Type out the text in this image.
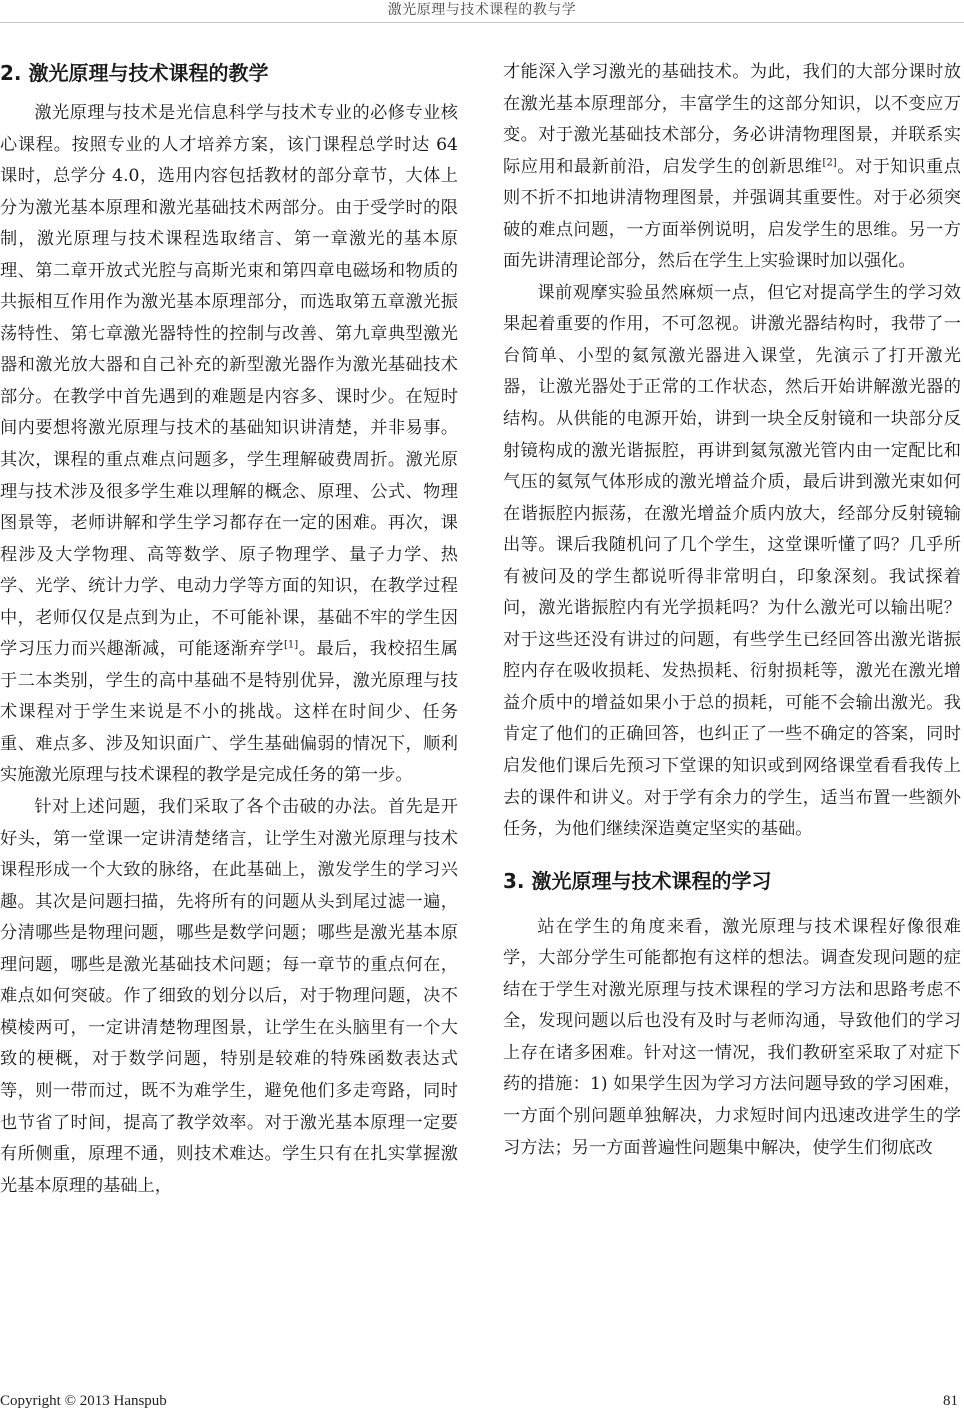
激光原理与技术课程的教与学
2. 激光原理与技术课程的教学

激光原理与技术是光信息科学与技术专业的必修专业核心课程。按照专业的人才培养方案，该门课程总学时达 64 课时，总学分 4.0，选用内容包括教材的部分章节，大体上分为激光基本原理和激光基础技术两部分。由于受学时的限制，激光原理与技术课程选取绪言、第一章激光的基本原理、第二章开放式光腔与高斯光束和第四章电磁场和物质的共振相互作用作为激光基本原理部分，而选取第五章激光振荡特性、第七章激光器特性的控制与改善、第九章典型激光器和激光放大器和自己补充的新型激光器作为激光基础技术部分。在教学中首先遇到的难题是内容多、课时少。在短时间内要想将激光原理与技术的基础知识讲清楚，并非易事。其次，课程的重点难点问题多，学生理解破费周折。激光原理与技术涉及很多学生难以理解的概念、原理、公式、物理图景等，老师讲解和学生学习都存在一定的困难。再次，课程涉及大学物理、高等数学、原子物理学、量子力学、热学、光学、统计力学、电动力学等方面的知识，在教学过程中，老师仅仅是点到为止，不可能补课，基础不牢的学生因学习压力而兴趣渐减，可能逐渐弃学[1]。最后，我校招生属于二本类别，学生的高中基础不是特别优异，激光原理与技术课程对于学生来说是不小的挑战。这样在时间少、任务重、难点多、涉及知识面广、学生基础偏弱的情况下，顺利实施激光原理与技术课程的教学是完成任务的第一步。

针对上述问题，我们采取了各个击破的办法。首先是开好头，第一堂课一定讲清楚绪言，让学生对激光原理与技术课程形成一个大致的脉络，在此基础上，激发学生的学习兴趣。其次是问题扫描，先将所有的问题从头到尾过滤一遍，分清哪些是物理问题，哪些是数学问题；哪些是激光基本原理问题，哪些是激光基础技术问题；每一章节的重点何在，难点如何突破。作了细致的划分以后，对于物理问题，决不模棱两可，一定讲清楚物理图景，让学生在头脑里有一个大致的梗概，对于数学问题，特别是较难的特殊函数表达式等，则一带而过，既不为难学生，避免他们多走弯路，同时也节省了时间，提高了教学效率。对于激光基本原理一定要有所侧重，原理不通，则技术难达。学生只有在扎实掌握激光基本原理的基础上，

才能深入学习激光的基础技术。为此，我们的大部分课时放在激光基本原理部分，丰富学生的这部分知识，以不变应万变。对于激光基础技术部分，务必讲清物理图景，并联系实际应用和最新前沿，启发学生的创新思维[2]。对于知识重点则不折不扣地讲清物理图景，并强调其重要性。对于必须突破的难点问题，一方面举例说明，启发学生的思维。另一方面先讲清理论部分，然后在学生上实验课时加以强化。

课前观摩实验虽然麻烦一点，但它对提高学生的学习效果起着重要的作用，不可忽视。讲激光器结构时，我带了一台简单、小型的氦氖激光器进入课堂，先演示了打开激光器，让激光器处于正常的工作状态，然后开始讲解激光器的结构。从供能的电源开始，讲到一块全反射镜和一块部分反射镜构成的激光谐振腔，再讲到氦氖激光管内由一定配比和气压的氦氖气体形成的激光增益介质，最后讲到激光束如何在谐振腔内振荡，在激光增益介质内放大，经部分反射镜输出等。课后我随机问了几个学生，这堂课听懂了吗？几乎所有被问及的学生都说听得非常明白，印象深刻。我试探着问，激光谐振腔内有光学损耗吗？为什么激光可以输出呢？对于这些还没有讲过的问题，有些学生已经回答出激光谐振腔内存在吸收损耗、发热损耗、衍射损耗等，激光在激光增益介质中的增益如果小于总的损耗，可能不会输出激光。我肯定了他们的正确回答，也纠正了一些不确定的答案，同时启发他们课后先预习下堂课的知识或到网络课堂看看我传上去的课件和讲义。对于学有余力的学生，适当布置一些额外任务，为他们继续深造奠定坚实的基础。

3. 激光原理与技术课程的学习

站在学生的角度来看，激光原理与技术课程好像很难学，大部分学生可能都抱有这样的想法。调查发现问题的症结在于学生对激光原理与技术课程的学习方法和思路考虑不全，发现问题以后也没有及时与老师沟通，导致他们的学习上存在诸多困难。针对这一情况，我们教研室采取了对症下药的措施：1) 如果学生因为学习方法问题导致的学习困难，一方面个别问题单独解决，力求短时间内迅速改进学生的学习方法；另一方面普遍性问题集中解决，使学生们彻底改

Copyright © 2013 Hanspub	81
